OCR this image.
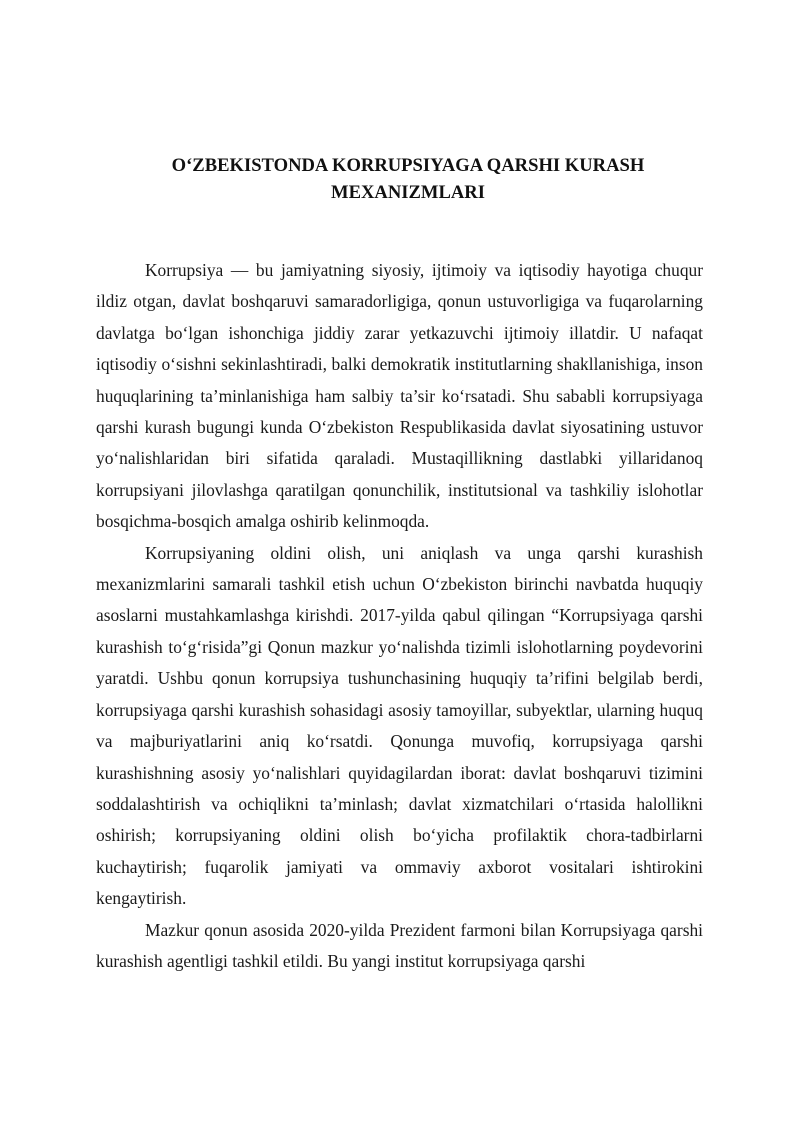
O‘ZBEKISTONDA KORRUPSIYAGA QARSHI KURASH
MEXANIZMLARI

Korrupsiya — bu jamiyatning siyosiy, ijtimoiy va iqtisodiy hayotiga chuqur ildiz otgan, davlat boshqaruvi samaradorligiga, qonun ustuvorligiga va fuqarolarning davlatga bo‘lgan ishonchiga jiddiy zarar yetkazuvchi ijtimoiy illatdir. U nafaqat iqtisodiy o‘sishni sekinlashtiradi, balki demokratik institutlarning shakllanishiga, inson huquqlarining ta’minlanishiga ham salbiy ta’sir ko‘rsatadi. Shu sababli korrupsiyaga qarshi kurash bugungi kunda O‘zbekiston Respublikasida davlat siyosatining ustuvor yo‘nalishlaridan biri sifatida qaraladi. Mustaqillikning dastlabki yillaridanoq korrupsiyani jilovlashga qaratilgan qonunchilik, institutsional va tashkiliy islohotlar bosqichma-bosqich amalga oshirib kelinmoqda.

Korrupsiyaning oldini olish, uni aniqlash va unga qarshi kurashish mexanizmlarini samarali tashkil etish uchun O‘zbekiston birinchi navbatda huquqiy asoslarni mustahkamlashga kirishdi. 2017-yilda qabul qilingan “Korrupsiyaga qarshi kurashish to‘g‘risida”gi Qonun mazkur yo‘nalishda tizimli islohotlarning poydevorini yaratdi. Ushbu qonun korrupsiya tushunchasining huquqiy ta’rifini belgilab berdi, korrupsiyaga qarshi kurashish sohasidagi asosiy tamoyillar, subyektlar, ularning huquq va majburiyatlarini aniq ko‘rsatdi. Qonunga muvofiq, korrupsiyaga qarshi kurashishning asosiy yo‘nalishlari quyidagilardan iborat: davlat boshqaruvi tizimini soddalashtirish va ochiqlikni ta’minlash; davlat xizmatchilari o‘rtasida halollikni oshirish; korrupsiyaning oldini olish bo‘yicha profilaktik chora-tadbirlarni kuchaytirish; fuqarolik jamiyati va ommaviy axborot vositalari ishtirokini kengaytirish.

Mazkur qonun asosida 2020-yilda Prezident farmoni bilan Korrupsiyaga qarshi kurashish agentligi tashkil etildi. Bu yangi institut korrupsiyaga qarshi
